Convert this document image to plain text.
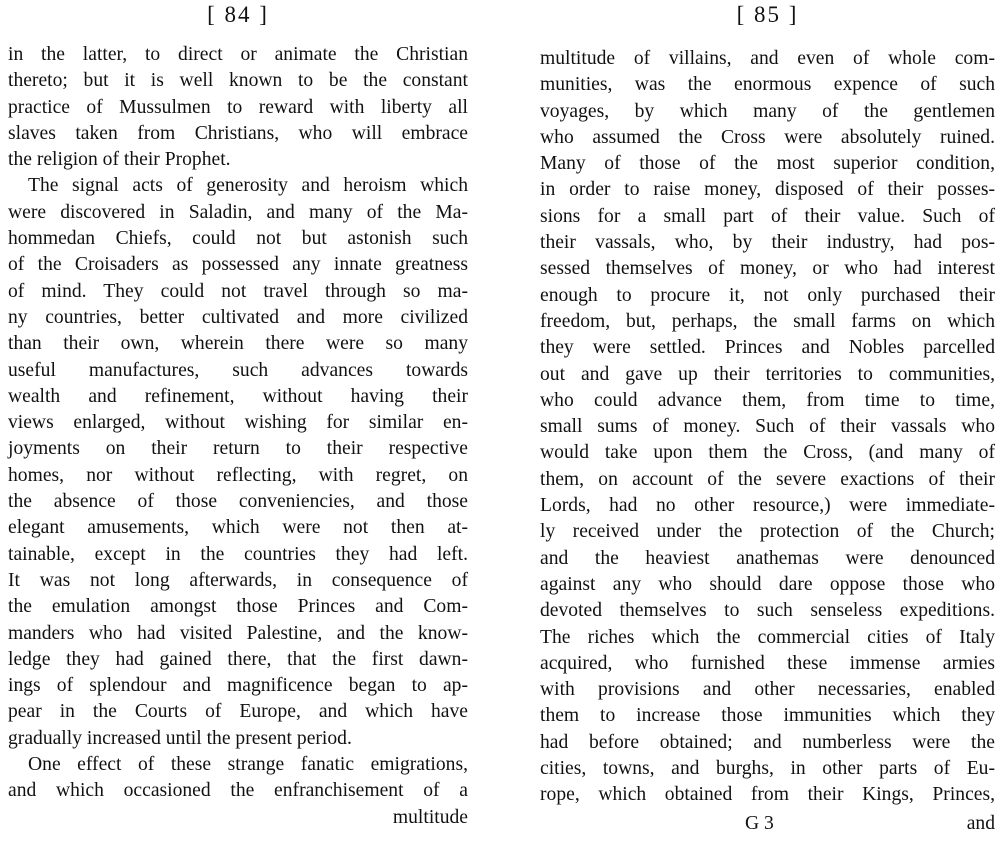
[ 84 ]
in the latter, to direct or animate the Christian
thereto; but it is well known to be the constant
practice of Mussulmen to reward with liberty all
slaves taken from Christians, who will embrace
the religion of their Prophet.
The signal acts of generosity and heroism which
were discovered in Saladin, and many of the Ma-
hommedan Chiefs, could not but astonish such
of the Croisaders as possessed any innate greatness
of mind. They could not travel through so ma-
ny countries, better cultivated and more civilized
than their own, wherein there were so many
useful manufactures, such advances towards
wealth and refinement, without having their
views enlarged, without wishing for similar en-
joyments on their return to their respective
homes, nor without reflecting, with regret, on
the absence of those conveniencies, and those
elegant amusements, which were not then at-
tainable, except in the countries they had left.
It was not long afterwards, in consequence of
the emulation amongst those Princes and Com-
manders who had visited Palestine, and the know-
ledge they had gained there, that the first dawn-
ings of splendour and magnificence began to ap-
pear in the Courts of Europe, and which have
gradually increased until the present period.
One effect of these strange fanatic emigrations,
and which occasioned the enfranchisement of a
multitude
[ 85 ]
multitude of villains, and even of whole com-
munities, was the enormous expence of such
voyages, by which many of the gentlemen
who assumed the Cross were absolutely ruined.
Many of those of the most superior condition,
in order to raise money, disposed of their posses-
sions for a small part of their value. Such of
their vassals, who, by their industry, had pos-
sessed themselves of money, or who had interest
enough to procure it, not only purchased their
freedom, but, perhaps, the small farms on which
they were settled. Princes and Nobles parcelled
out and gave up their territories to communities,
who could advance them, from time to time,
small sums of money. Such of their vassals who
would take upon them the Cross, (and many of
them, on account of the severe exactions of their
Lords, had no other resource,) were immediate-
ly received under the protection of the Church;
and the heaviest anathemas were denounced
against any who should dare oppose those who
devoted themselves to such senseless expeditions.
The riches which the commercial cities of Italy
acquired, who furnished these immense armies
with provisions and other necessaries, enabled
them to increase those immunities which they
had before obtained; and numberless were the
cities, towns, and burghs, in other parts of Eu-
rope, which obtained from their Kings, Princes,
G 3	and
